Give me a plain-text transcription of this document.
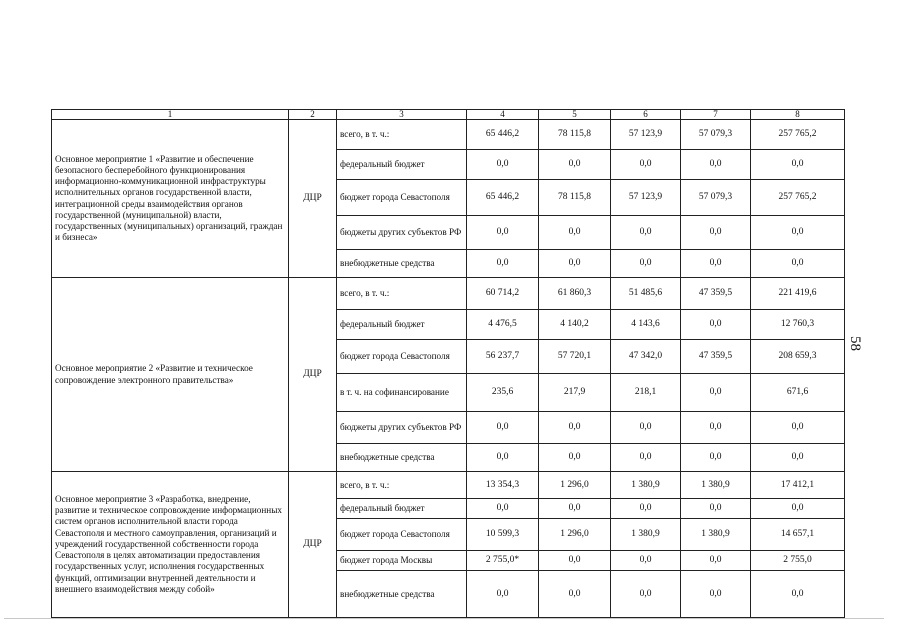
1	2	3	4	5	6	7	8
Основное мероприятие 1 «Развитие и обеспечение безопасного бесперебойного функционирования информационно-коммуникационной инфраструктуры исполнительных органов государственной власти, интеграционной среды взаимодействия органов государственной (муниципальной) власти, государственных (муниципальных) организаций, граждан и бизнеса»	ДЦР	всего, в т. ч.:	65 446,2	78 115,8	57 123,9	57 079,3	257 765,2
		федеральный бюджет	0,0	0,0	0,0	0,0	0,0
		бюджет города Севастополя	65 446,2	78 115,8	57 123,9	57 079,3	257 765,2
		бюджеты других субъектов РФ	0,0	0,0	0,0	0,0	0,0
		внебюджетные средства	0,0	0,0	0,0	0,0	0,0
Основное мероприятие 2 «Развитие и техническое сопровождение электронного правительства»	ДЦР	всего, в т. ч.:	60 714,2	61 860,3	51 485,6	47 359,5	221 419,6
		федеральный бюджет	4 476,5	4 140,2	4 143,6	0,0	12 760,3
		бюджет города Севастополя	56 237,7	57 720,1	47 342,0	47 359,5	208 659,3
		в т. ч. на софинансирование	235,6	217,9	218,1	0,0	671,6
		бюджеты других субъектов РФ	0,0	0,0	0,0	0,0	0,0
		внебюджетные средства	0,0	0,0	0,0	0,0	0,0
Основное мероприятие 3 «Разработка, внедрение, развитие и техническое сопровождение информационных систем органов исполнительной власти города Севастополя и местного самоуправления, организаций и учреждений государственной собственности города Севастополя в целях автоматизации предоставления государственных услуг, исполнения государственных функций, оптимизации внутренней деятельности и внешнего взаимодействия между собой»	ДЦР	всего, в т. ч.:	13 354,3	1 296,0	1 380,9	1 380,9	17 412,1
		федеральный бюджет	0,0	0,0	0,0	0,0	0,0
		бюджет города Севастополя	10 599,3	1 296,0	1 380,9	1 380,9	14 657,1
		бюджет города Москвы	2 755,0*	0,0	0,0	0,0	2 755,0
		внебюджетные средства	0,0	0,0	0,0	0,0	0,0
58
